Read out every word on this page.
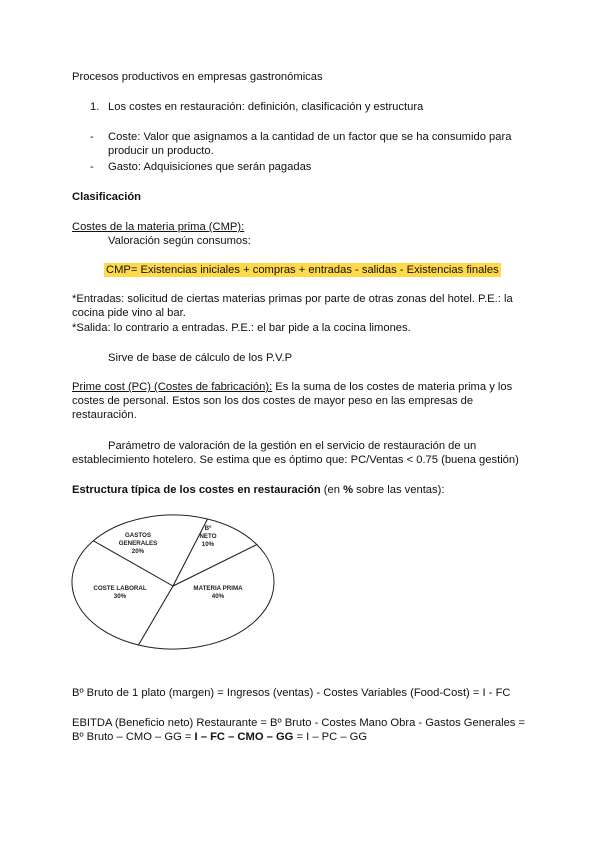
Procesos productivos en empresas gastronómicas
1. Los costes en restauración: definición, clasificación y estructura
- Coste: Valor que asignamos a la cantidad de un factor que se ha consumido para
producir un producto.
- Gasto: Adquisiciones que serán pagadas
Clasificación
Costes de la materia prima (CMP):
Valoración según consumos:
CMP= Existencias iniciales + compras + entradas - salidas - Existencias finales
*Entradas: solicitud de ciertas materias primas por parte de otras zonas del hotel. P.E.: la
cocina pide vino al bar.
*Salida: lo contrario a entradas. P.E.: el bar pide a la cocina limones.
Sirve de base de cálculo de los P.V.P
Prime cost (PC) (Costes de fabricación): Es la suma de los costes de materia prima y los
costes de personal. Estos son los dos costes de mayor peso en las empresas de
restauración.
Parámetro de valoración de la gestión en el servicio de restauración de un
establecimiento hotelero. Se estima que es óptimo que: PC/Ventas < 0.75 (buena gestión)
Estructura típica de los costes en restauración (en % sobre las ventas):
MATERIA PRIMA 40%
COSTE LABORAL 30%
GASTOS GENERALES 20%
Bº NETO 10%
Bº Bruto de 1 plato (margen) = Ingresos (ventas) - Costes Variables (Food-Cost) = I - FC
EBITDA (Beneficio neto) Restaurante = Bº Bruto - Costes Mano Obra - Gastos Generales =
Bº Bruto – CMO – GG = I – FC – CMO – GG = I – PC – GG
